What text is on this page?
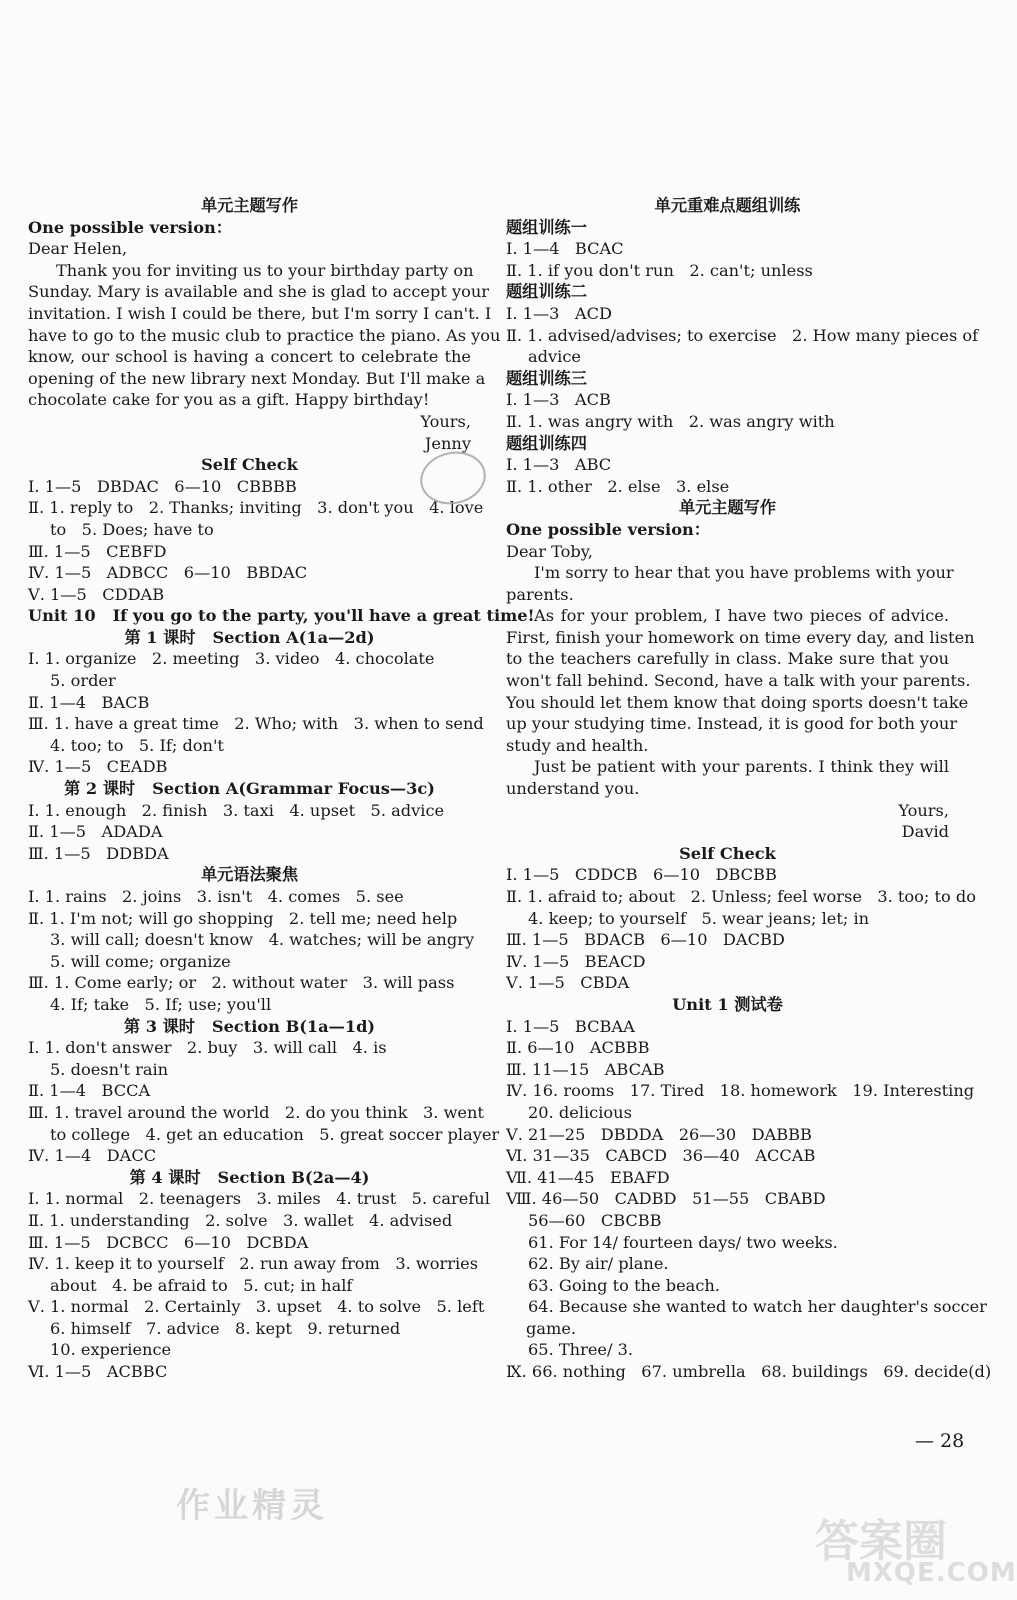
单元主题写作
One possible version：
Dear Helen,
Thank you for inviting us to your birthday party on
Sunday. Mary is available and she is glad to accept your
invitation. I wish I could be there, but I'm sorry I can't. I
have to go to the music club to practice the piano. As you
know, our school is having a concert to celebrate the
opening of the new library next Monday. But I'll make a
chocolate cake for you as a gift. Happy birthday!
Yours,
Jenny
Self Check
Ⅰ. 1—5   DBDAC   6—10   CBBBB
Ⅱ. 1. reply to   2. Thanks; inviting   3. don't you   4. love
to   5. Does; have to
Ⅲ. 1—5   CEBFD
Ⅳ. 1—5   ADBCC   6—10   BBDAC
Ⅴ. 1—5   CDDAB
Unit 10   If you go to the party, you'll have a great time!
第 1 课时   Section A(1a—2d)
Ⅰ. 1. organize   2. meeting   3. video   4. chocolate
5. order
Ⅱ. 1—4   BACB
Ⅲ. 1. have a great time   2. Who; with   3. when to send
4. too; to   5. If; don't
Ⅳ. 1—5   CEADB
第 2 课时   Section A(Grammar Focus—3c)
Ⅰ. 1. enough   2. finish   3. taxi   4. upset   5. advice
Ⅱ. 1—5   ADADA
Ⅲ. 1—5   DDBDA
单元语法聚焦
Ⅰ. 1. rains   2. joins   3. isn't   4. comes   5. see
Ⅱ. 1. I'm not; will go shopping   2. tell me; need help
3. will call; doesn't know   4. watches; will be angry
5. will come; organize
Ⅲ. 1. Come early; or   2. without water   3. will pass
4. If; take   5. If; use; you'll
第 3 课时   Section B(1a—1d)
Ⅰ. 1. don't answer   2. buy   3. will call   4. is
5. doesn't rain
Ⅱ. 1—4   BCCA
Ⅲ. 1. travel around the world   2. do you think   3. went
to college   4. get an education   5. great soccer player
Ⅳ. 1—4   DACC
第 4 课时   Section B(2a—4)
Ⅰ. 1. normal   2. teenagers   3. miles   4. trust   5. careful
Ⅱ. 1. understanding   2. solve   3. wallet   4. advised
Ⅲ. 1—5   DCBCC   6—10   DCBDA
Ⅳ. 1. keep it to yourself   2. run away from   3. worries
about   4. be afraid to   5. cut; in half
Ⅴ. 1. normal   2. Certainly   3. upset   4. to solve   5. left
6. himself   7. advice   8. kept   9. returned
10. experience
Ⅵ. 1—5   ACBBC
单元重难点题组训练
题组训练一
Ⅰ. 1—4   BCAC
Ⅱ. 1. if you don't run   2. can't; unless
题组训练二
Ⅰ. 1—3   ACD
Ⅱ. 1. advised/advises; to exercise   2. How many pieces of
advice
题组训练三
Ⅰ. 1—3   ACB
Ⅱ. 1. was angry with   2. was angry with
题组训练四
Ⅰ. 1—3   ABC
Ⅱ. 1. other   2. else   3. else
单元主题写作
One possible version：
Dear Toby,
I'm sorry to hear that you have problems with your
parents.
As for your problem, I have two pieces of advice.
First, finish your homework on time every day, and listen
to the teachers carefully in class. Make sure that you
won't fall behind. Second, have a talk with your parents.
You should let them know that doing sports doesn't take
up your studying time. Instead, it is good for both your
study and health.
Just be patient with your parents. I think they will
understand you.
Yours,
David
Self Check
Ⅰ. 1—5   CDDCB   6—10   DBCBB
Ⅱ. 1. afraid to; about   2. Unless; feel worse   3. too; to do
4. keep; to yourself   5. wear jeans; let; in
Ⅲ. 1—5   BDACB   6—10   DACBD
Ⅳ. 1—5   BEACD
Ⅴ. 1—5   CBDA
Unit 1 测试卷
Ⅰ. 1—5   BCBAA
Ⅱ. 6—10   ACBBB
Ⅲ. 11—15   ABCAB
Ⅳ. 16. rooms   17. Tired   18. homework   19. Interesting
20. delicious
Ⅴ. 21—25   DBDDA   26—30   DABBB
Ⅵ. 31—35   CABCD   36—40   ACCAB
Ⅶ. 41—45   EBAFD
Ⅷ. 46—50   CADBD   51—55   CBABD
56—60   CBCBB
61. For 14/ fourteen days/ two weeks.
62. By air/ plane.
63. Going to the beach.
64. Because she wanted to watch her daughter's soccer
game.
65. Three/ 3.
Ⅸ. 66. nothing   67. umbrella   68. buildings   69. decide(d)
— 28
作业精灵
答案圈
MXQE.COM
